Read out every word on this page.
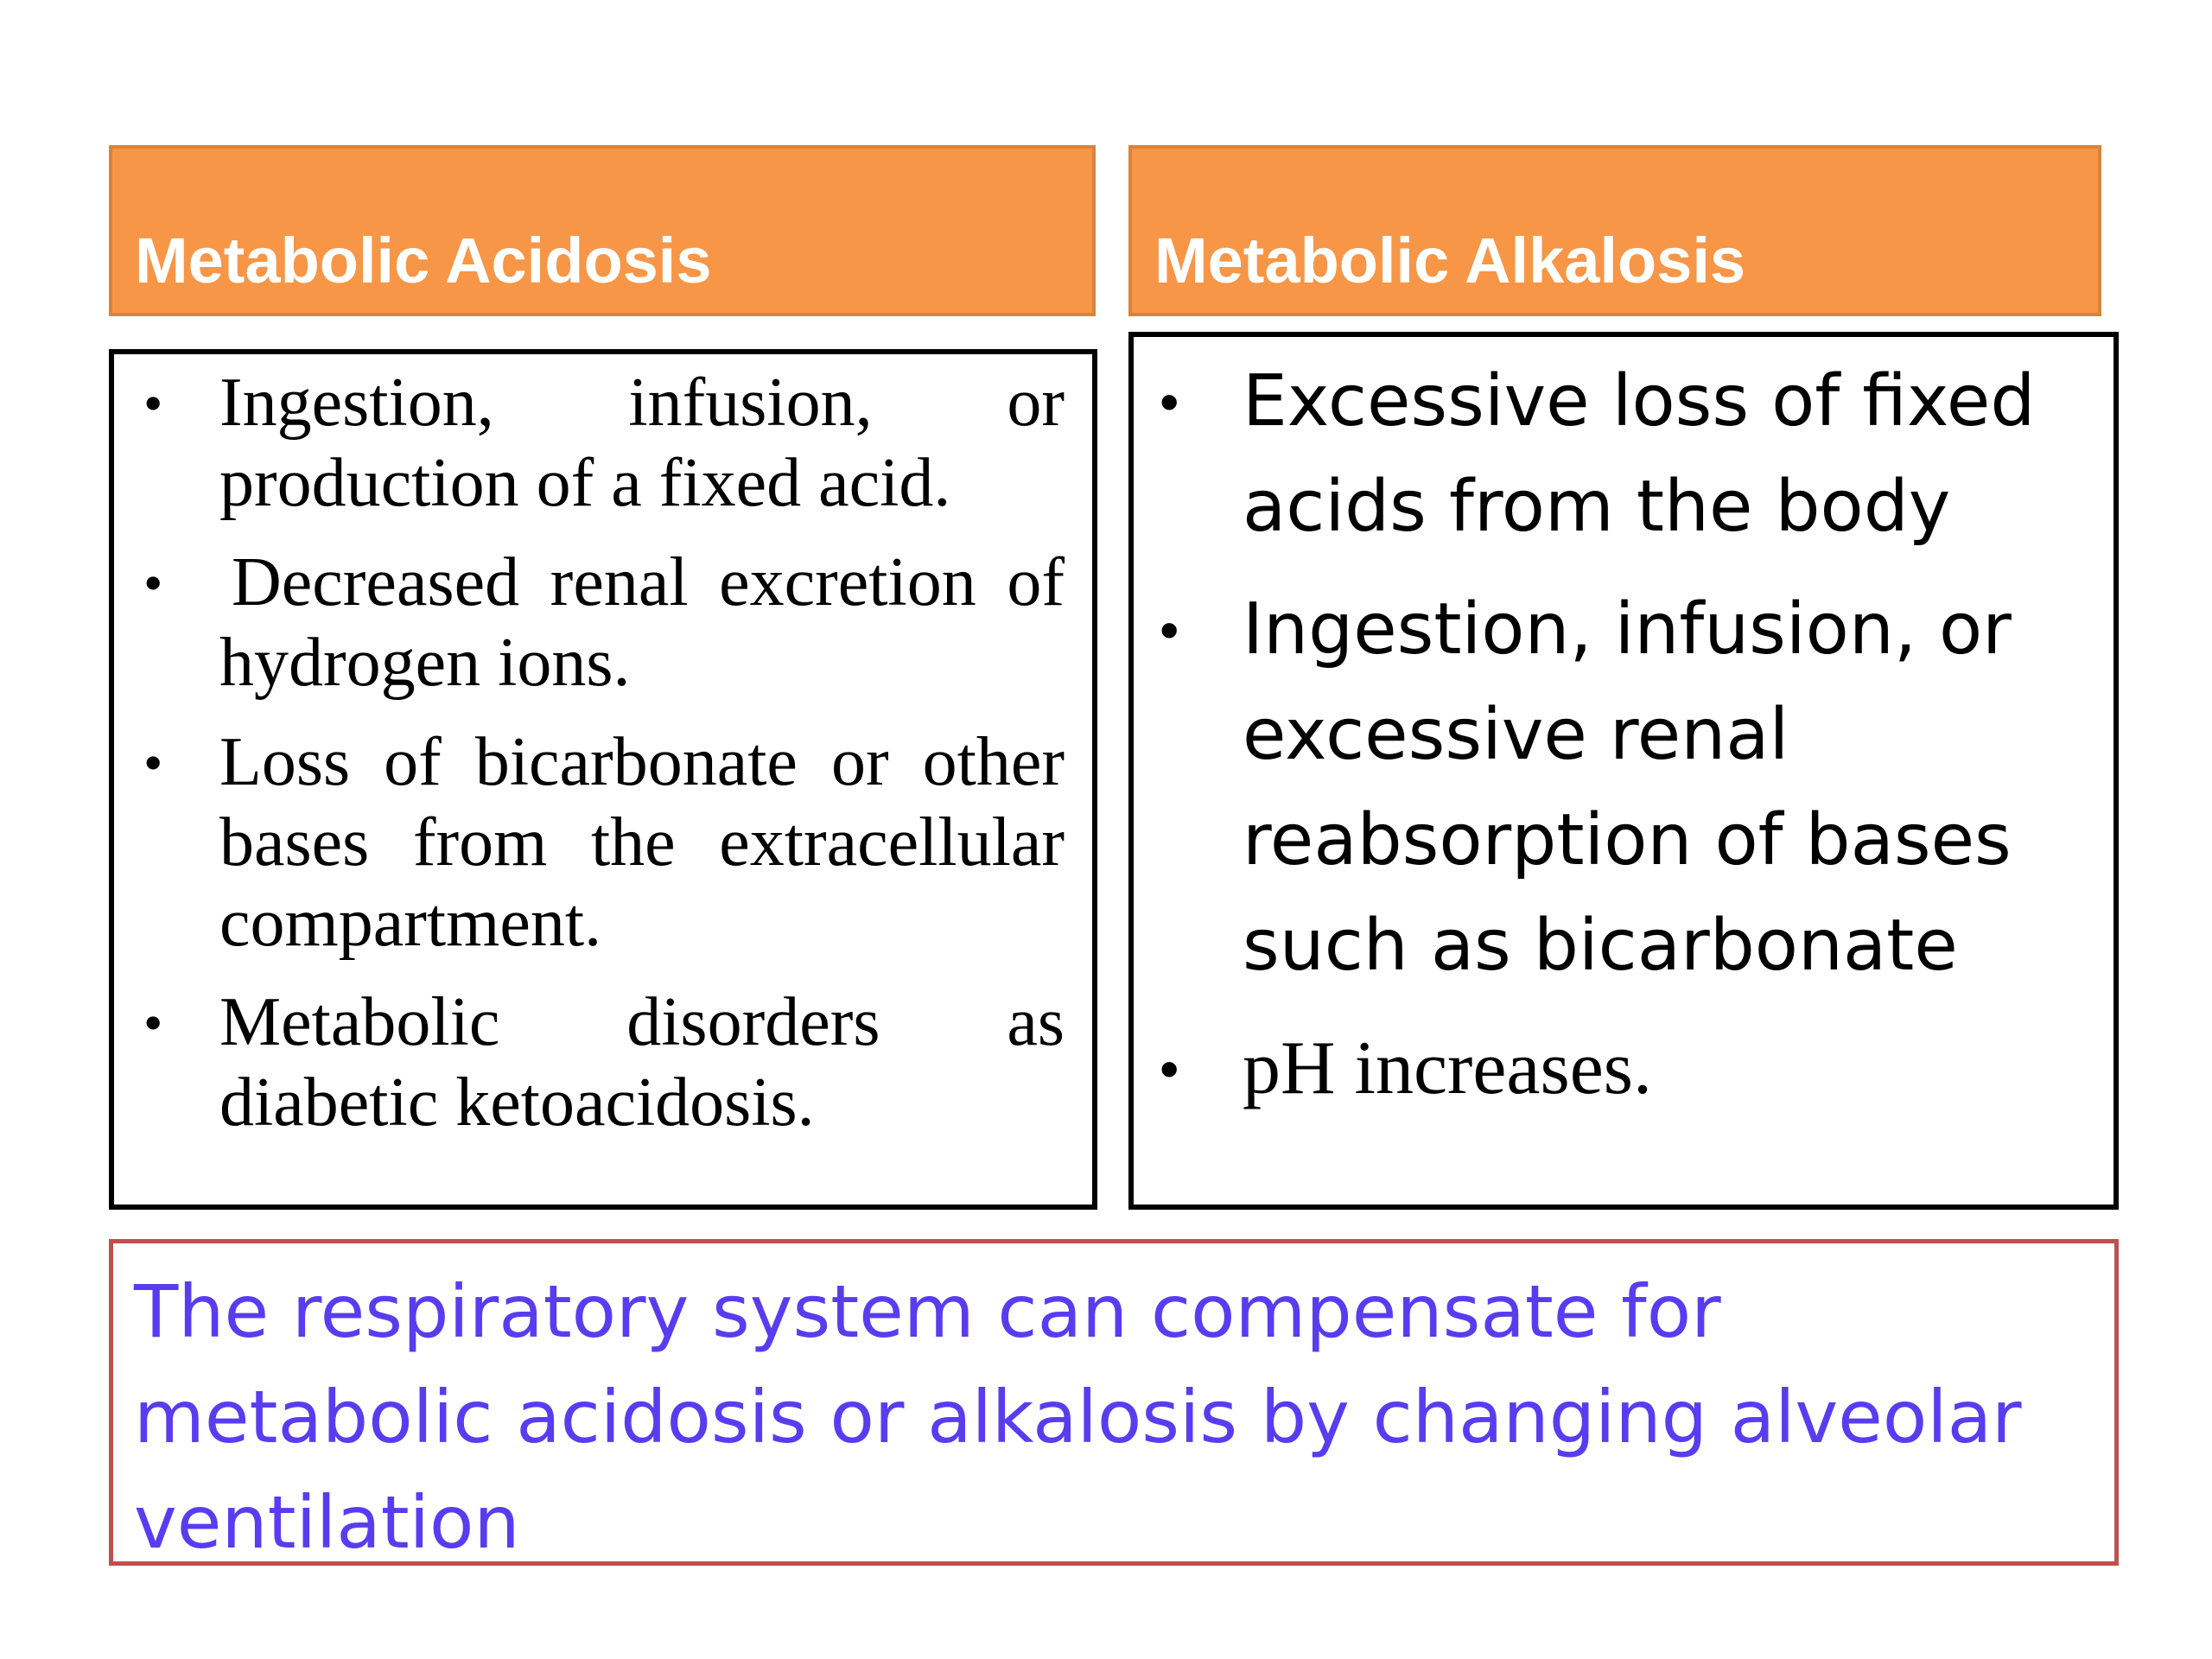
Metabolic Acidosis	Metabolic Alkalosis
• Ingestion, infusion, or production of a fixed acid.
• Decreased renal excretion of hydrogen ions.
• Loss of bicarbonate or other bases from the extracellular compartment.
• Metabolic disorders as diabetic ketoacidosis.
• Excessive loss of fixed acids from the body
• Ingestion, infusion, or excessive renal reabsorption of bases such as bicarbonate
• pH increases.
The respiratory system can compensate for metabolic acidosis or alkalosis by changing alveolar ventilation
